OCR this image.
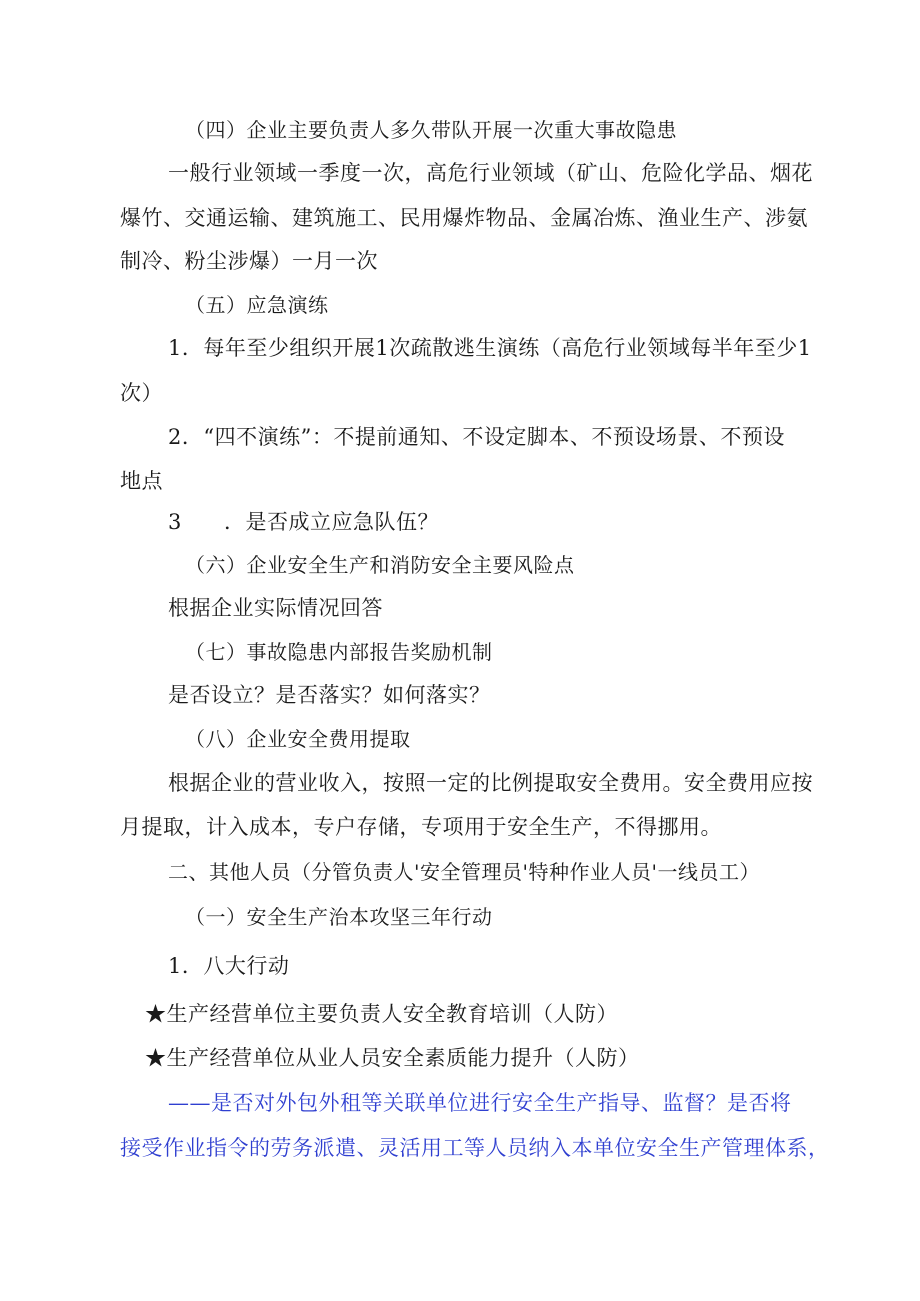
（四）企业主要负责人多久带队开展一次重大事故隐患

一般行业领域一季度一次，高危行业领域（矿山、危险化学品、烟花

爆竹、交通运输、建筑施工、民用爆炸物品、金属冶炼、渔业生产、涉氨

制冷、粉尘涉爆）一月一次

（五）应急演练

1．每年至少组织开展1次疏散逃生演练（高危行业领域每半年至少1

次）

2．“四不演练”：不提前通知、不设定脚本、不预设场景、不预设

地点

3 ．是否成立应急队伍？

（六）企业安全生产和消防安全主要风险点

根据企业实际情况回答

（七）事故隐患内部报告奖励机制

是否设立？是否落实？如何落实？

（八）企业安全费用提取

根据企业的营业收入，按照一定的比例提取安全费用。安全费用应按

月提取，计入成本，专户存储，专项用于安全生产，不得挪用。

二、其他人员（分管负责人'安全管理员'特种作业人员'一线员工）

（一）安全生产治本攻坚三年行动

1．八大行动

★生产经营单位主要负责人安全教育培训（人防）

★生产经营单位从业人员安全素质能力提升（人防）

——是否对外包外租等关联单位进行安全生产指导、监督？是否将

接受作业指令的劳务派遣、灵活用工等人员纳入本单位安全生产管理体系，
